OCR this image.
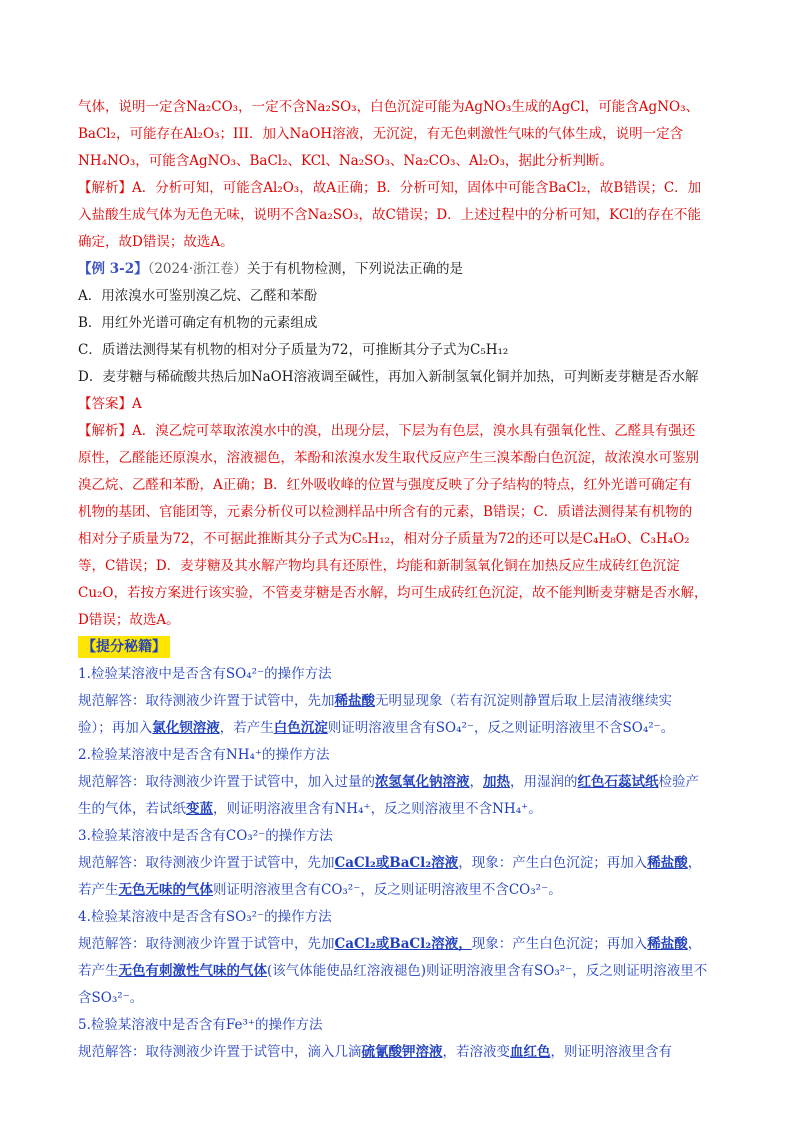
气体，说明一定含Na₂CO₃，一定不含Na₂SO₃，白色沉淀可能为AgNO₃生成的AgCl，可能含AgNO₃、
BaCl₂，可能存在Al₂O₃；III．加入NaOH溶液，无沉淀，有无色刺激性气味的气体生成，说明一定含
NH₄NO₃，可能含AgNO₃、BaCl₂、KCl、Na₂SO₃、Na₂CO₃、Al₂O₃，据此分析判断。
【解析】A．分析可知，可能含Al₂O₃，故A正确；B．分析可知，固体中可能含BaCl₂，故B错误；C．加
入盐酸生成气体为无色无味，说明不含Na₂SO₃，故C错误；D．上述过程中的分析可知，KCl的存在不能
确定，故D错误；故选A。
【例 3-2】（2024·浙江卷）关于有机物检测，下列说法正确的是
A．用浓溴水可鉴别溴乙烷、乙醛和苯酚
B．用红外光谱可确定有机物的元素组成
C．质谱法测得某有机物的相对分子质量为72，可推断其分子式为C₅H₁₂
D．麦芽糖与稀硫酸共热后加NaOH溶液调至碱性，再加入新制氢氧化铜并加热，可判断麦芽糖是否水解
【答案】A
【解析】A．溴乙烷可萃取浓溴水中的溴，出现分层，下层为有色层，溴水具有强氧化性、乙醛具有强还
原性，乙醛能还原溴水，溶液褪色，苯酚和浓溴水发生取代反应产生三溴苯酚白色沉淀，故浓溴水可鉴别
溴乙烷、乙醛和苯酚，A正确；B．红外吸收峰的位置与强度反映了分子结构的特点，红外光谱可确定有
机物的基团、官能团等，元素分析仪可以检测样品中所含有的元素，B错误；C．质谱法测得某有机物的
相对分子质量为72，不可据此推断其分子式为C₅H₁₂，相对分子质量为72的还可以是C₄H₈O、C₃H₄O₂
等，C错误；D．麦芽糖及其水解产物均具有还原性，均能和新制氢氧化铜在加热反应生成砖红色沉淀
Cu₂O，若按方案进行该实验，不管麦芽糖是否水解，均可生成砖红色沉淀，故不能判断麦芽糖是否水解，
D错误；故选A。
【提分秘籍】
1.检验某溶液中是否含有SO₄²⁻的操作方法
规范解答：取待测液少许置于试管中，先加稀盐酸无明显现象（若有沉淀则静置后取上层清液继续实
验）；再加入氯化钡溶液，若产生白色沉淀则证明溶液里含有SO₄²⁻，反之则证明溶液里不含SO₄²⁻。
2.检验某溶液中是否含有NH₄⁺的操作方法
规范解答：取待测液少许置于试管中，加入过量的浓氢氧化钠溶液，加热，用湿润的红色石蕊试纸检验产
生的气体，若试纸变蓝，则证明溶液里含有NH₄⁺，反之则溶液里不含NH₄⁺。
3.检验某溶液中是否含有CO₃²⁻的操作方法
规范解答：取待测液少许置于试管中，先加CaCl₂或BaCl₂溶液，现象：产生白色沉淀；再加入稀盐酸，
若产生无色无味的气体则证明溶液里含有CO₃²⁻，反之则证明溶液里不含CO₃²⁻。
4.检验某溶液中是否含有SO₃²⁻的操作方法
规范解答：取待测液少许置于试管中，先加CaCl₂或BaCl₂溶液，现象：产生白色沉淀；再加入稀盐酸，
若产生无色有刺激性气味的气体(该气体能使品红溶液褪色)则证明溶液里含有SO₃²⁻，反之则证明溶液里不
含SO₃²⁻。
5.检验某溶液中是否含有Fe³⁺的操作方法
规范解答：取待测液少许置于试管中，滴入几滴硫氰酸钾溶液，若溶液变血红色，则证明溶液里含有
